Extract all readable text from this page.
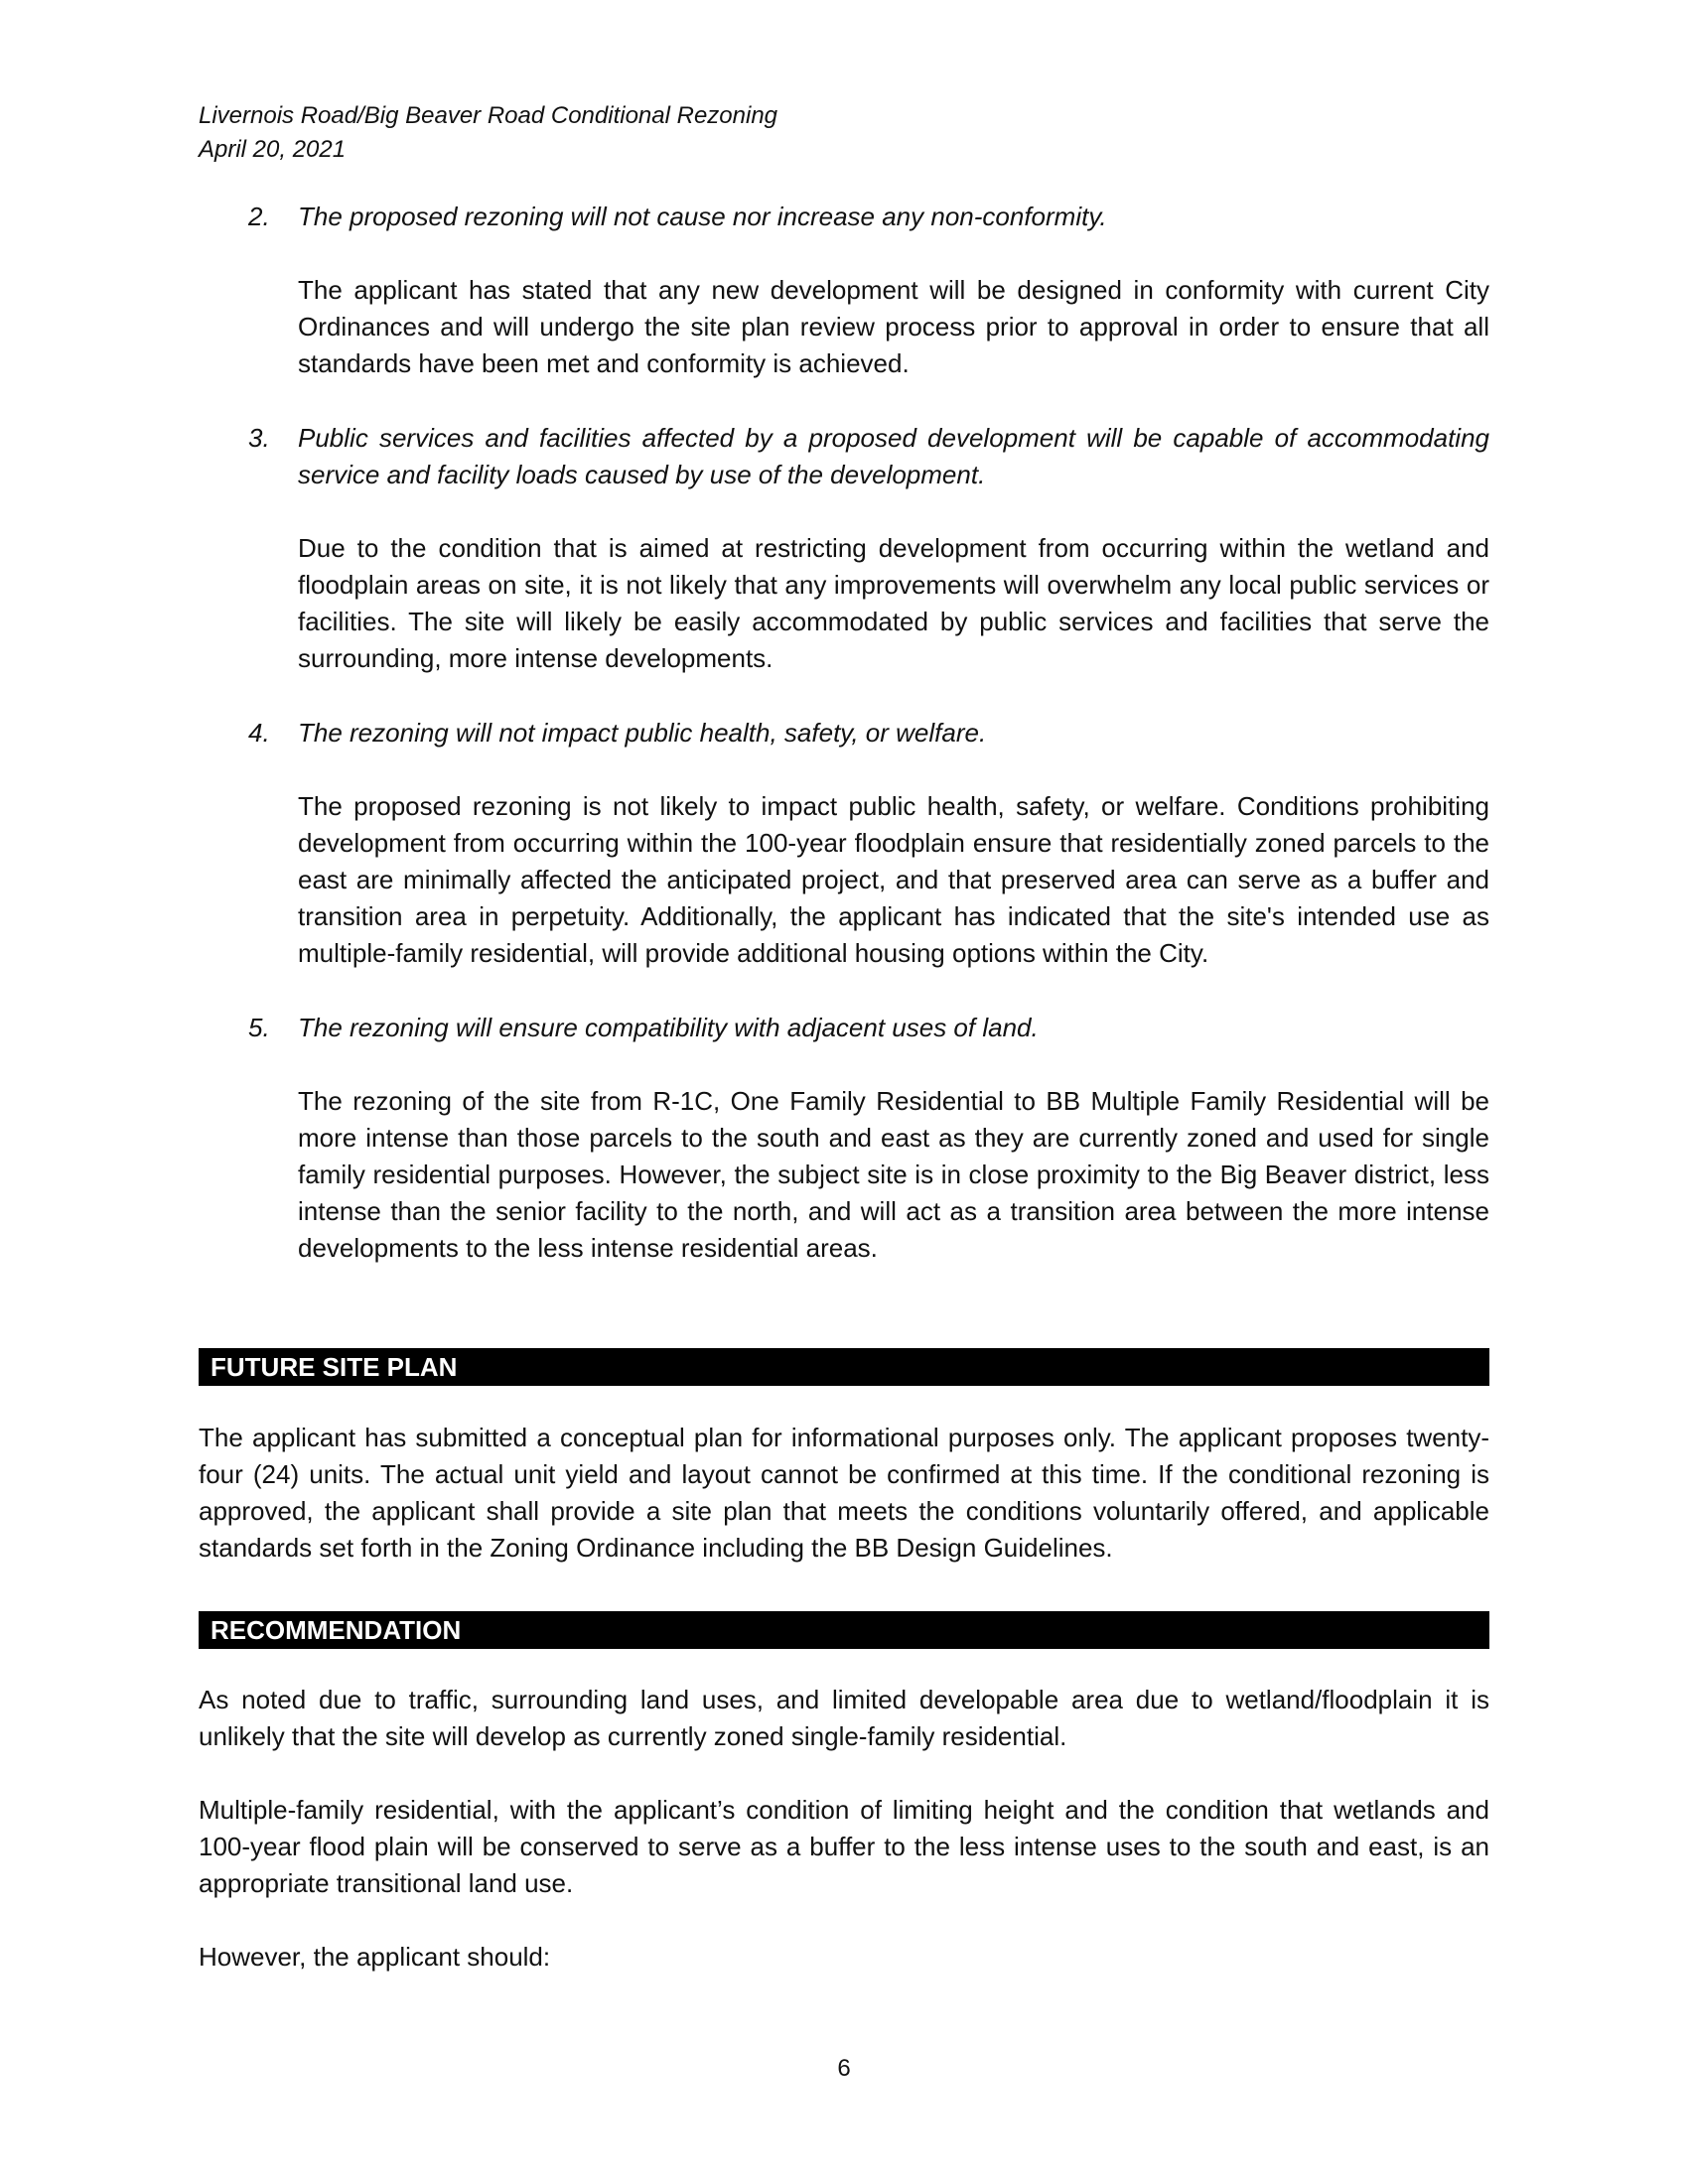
Livernois Road/Big Beaver Road Conditional Rezoning
April 20, 2021
2. The proposed rezoning will not cause nor increase any non-conformity.
The applicant has stated that any new development will be designed in conformity with current City Ordinances and will undergo the site plan review process prior to approval in order to ensure that all standards have been met and conformity is achieved.
3. Public services and facilities affected by a proposed development will be capable of accommodating service and facility loads caused by use of the development.
Due to the condition that is aimed at restricting development from occurring within the wetland and floodplain areas on site, it is not likely that any improvements will overwhelm any local public services or facilities. The site will likely be easily accommodated by public services and facilities that serve the surrounding, more intense developments.
4. The rezoning will not impact public health, safety, or welfare.
The proposed rezoning is not likely to impact public health, safety, or welfare. Conditions prohibiting development from occurring within the 100-year floodplain ensure that residentially zoned parcels to the east are minimally affected the anticipated project, and that preserved area can serve as a buffer and transition area in perpetuity. Additionally, the applicant has indicated that the site's intended use as multiple-family residential, will provide additional housing options within the City.
5. The rezoning will ensure compatibility with adjacent uses of land.
The rezoning of the site from R-1C, One Family Residential to BB Multiple Family Residential will be more intense than those parcels to the south and east as they are currently zoned and used for single family residential purposes. However, the subject site is in close proximity to the Big Beaver district, less intense than the senior facility to the north, and will act as a transition area between the more intense developments to the less intense residential areas.
FUTURE SITE PLAN
The applicant has submitted a conceptual plan for informational purposes only. The applicant proposes twenty-four (24) units. The actual unit yield and layout cannot be confirmed at this time. If the conditional rezoning is approved, the applicant shall provide a site plan that meets the conditions voluntarily offered, and applicable standards set forth in the Zoning Ordinance including the BB Design Guidelines.
RECOMMENDATION
As noted due to traffic, surrounding land uses, and limited developable area due to wetland/floodplain it is unlikely that the site will develop as currently zoned single-family residential.
Multiple-family residential, with the applicant’s condition of limiting height and the condition that wetlands and 100-year flood plain will be conserved to serve as a buffer to the less intense uses to the south and east, is an appropriate transitional land use.
However, the applicant should:
6
